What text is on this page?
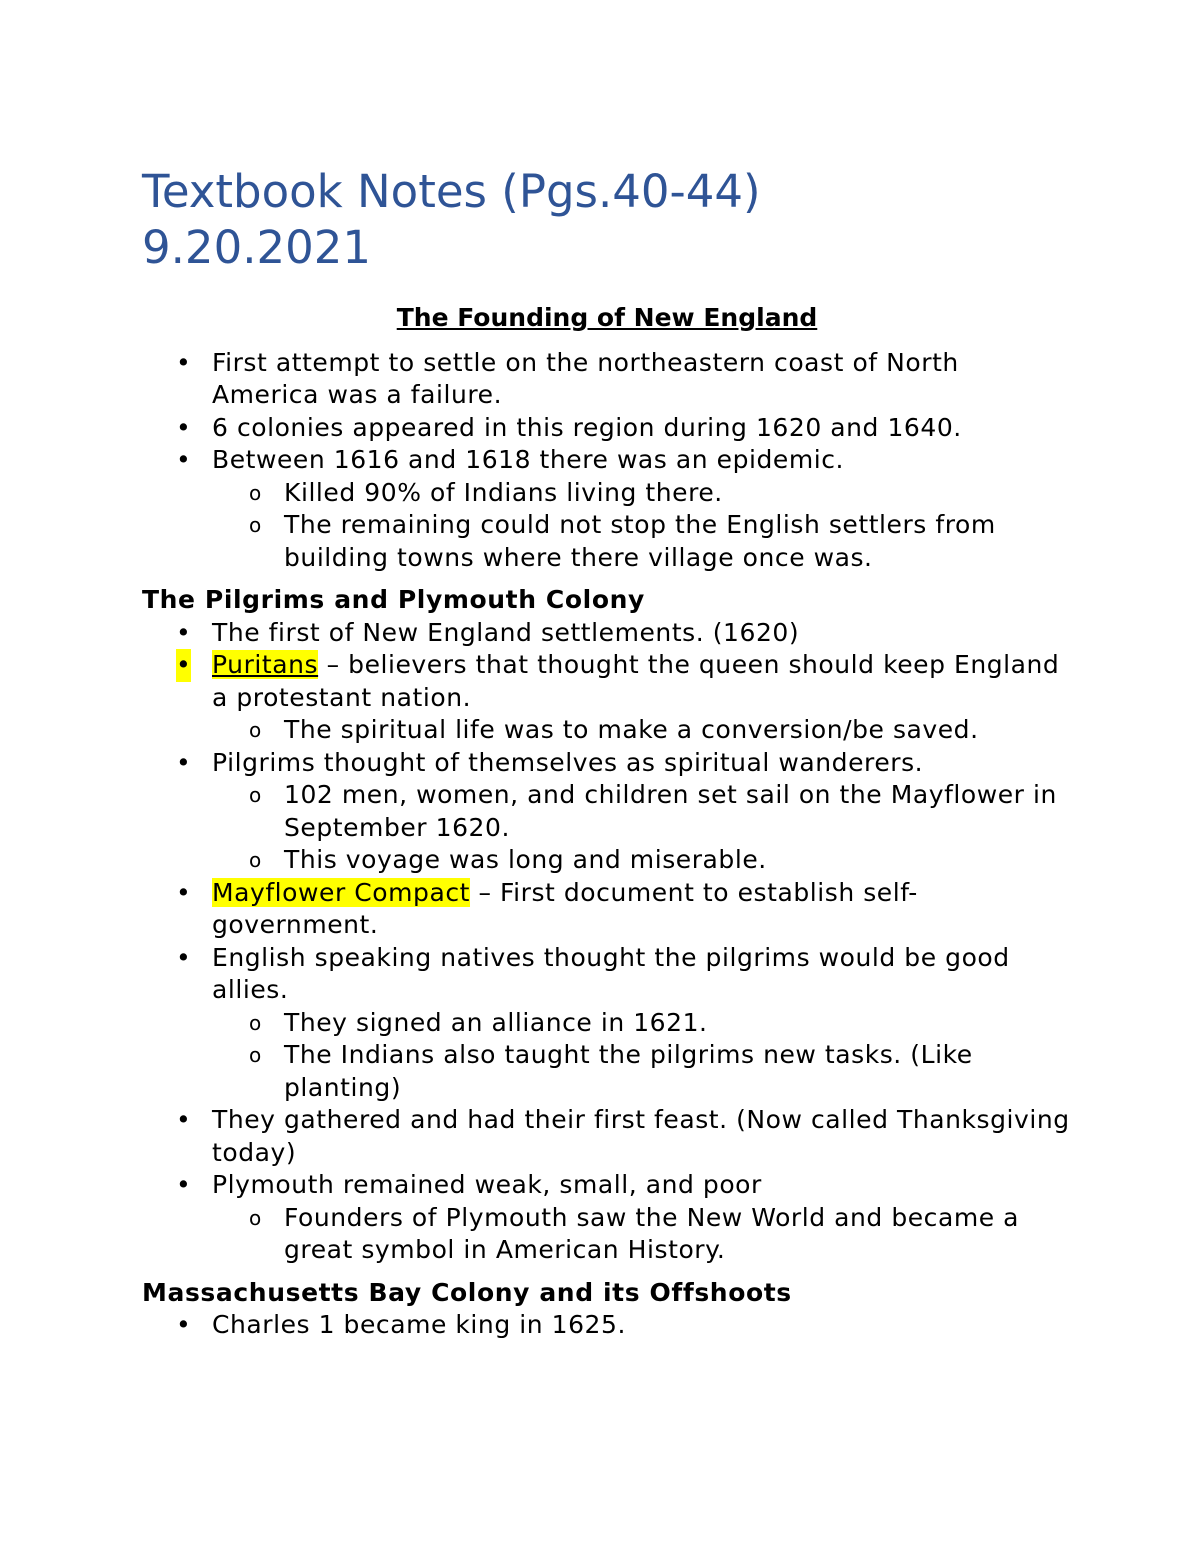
Textbook Notes (Pgs.40-44)
9.20.2021
The Founding of New England
• First attempt to settle on the northeastern coast of North America was a failure.
• 6 colonies appeared in this region during 1620 and 1640.
• Between 1616 and 1618 there was an epidemic.
o Killed 90% of Indians living there.
o The remaining could not stop the English settlers from building towns where there village once was.
The Pilgrims and Plymouth Colony
• The first of New England settlements. (1620)
• Puritans – believers that thought the queen should keep England a protestant nation.
o The spiritual life was to make a conversion/be saved.
• Pilgrims thought of themselves as spiritual wanderers.
o 102 men, women, and children set sail on the Mayflower in September 1620.
o This voyage was long and miserable.
• Mayflower Compact – First document to establish self-government.
• English speaking natives thought the pilgrims would be good allies.
o They signed an alliance in 1621.
o The Indians also taught the pilgrims new tasks. (Like planting)
• They gathered and had their first feast. (Now called Thanksgiving today)
• Plymouth remained weak, small, and poor
o Founders of Plymouth saw the New World and became a great symbol in American History.
Massachusetts Bay Colony and its Offshoots
• Charles 1 became king in 1625.
